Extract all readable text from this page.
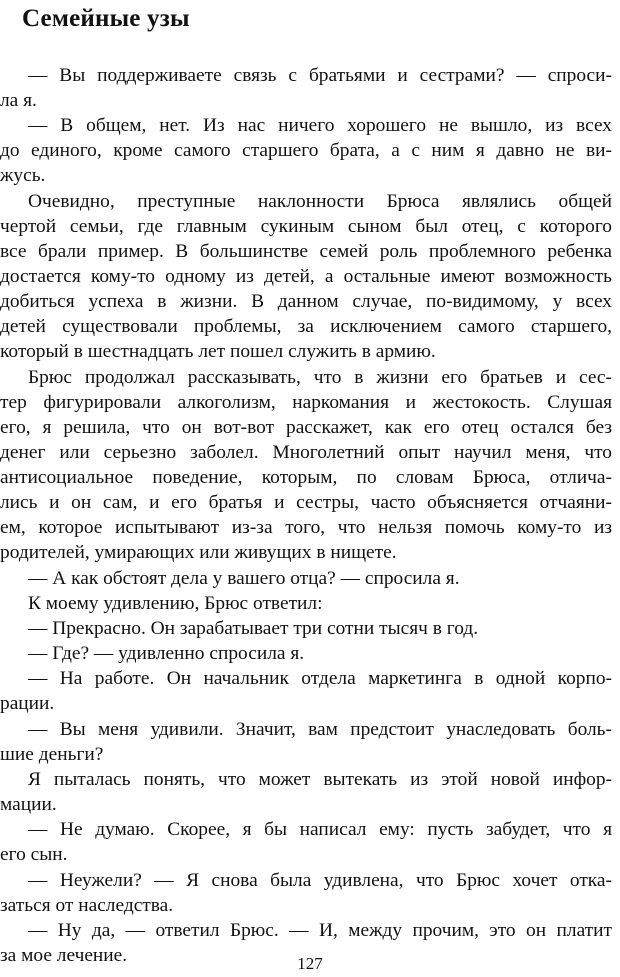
Семейные узы
— Вы поддерживаете связь с братьями и сестрами? — спроси-
ла я.
— В общем, нет. Из нас ничего хорошего не вышло, из всех
до единого, кроме самого старшего брата, а с ним я давно не ви-
жусь.
Очевидно, преступные наклонности Брюса являлись общей
чертой семьи, где главным сукиным сыном был отец, с которого
все брали пример. В большинстве семей роль проблемного ребенка
достается кому-то одному из детей, а остальные имеют возможность
добиться успеха в жизни. В данном случае, по-видимому, у всех
детей существовали проблемы, за исключением самого старшего,
который в шестнадцать лет пошел служить в армию.
Брюс продолжал рассказывать, что в жизни его братьев и сес-
тер фигурировали алкоголизм, наркомания и жестокость. Слушая
его, я решила, что он вот-вот расскажет, как его отец остался без
денег или серьезно заболел. Многолетний опыт научил меня, что
антисоциальное поведение, которым, по словам Брюса, отлича-
лись и он сам, и его братья и сестры, часто объясняется отчаяни-
ем, которое испытывают из-за того, что нельзя помочь кому-то из
родителей, умирающих или живущих в нищете.
— А как обстоят дела у вашего отца? — спросила я.
К моему удивлению, Брюс ответил:
— Прекрасно. Он зарабатывает три сотни тысяч в год.
— Где? — удивленно спросила я.
— На работе. Он начальник отдела маркетинга в одной корпо-
рации.
— Вы меня удивили. Значит, вам предстоит унаследовать боль-
шие деньги?
Я пыталась понять, что может вытекать из этой новой инфор-
мации.
— Не думаю. Скорее, я бы написал ему: пусть забудет, что я
его сын.
— Неужели? — Я снова была удивлена, что Брюс хочет отка-
заться от наследства.
— Ну да, — ответил Брюс. — И, между прочим, это он платит
за мое лечение.	127
